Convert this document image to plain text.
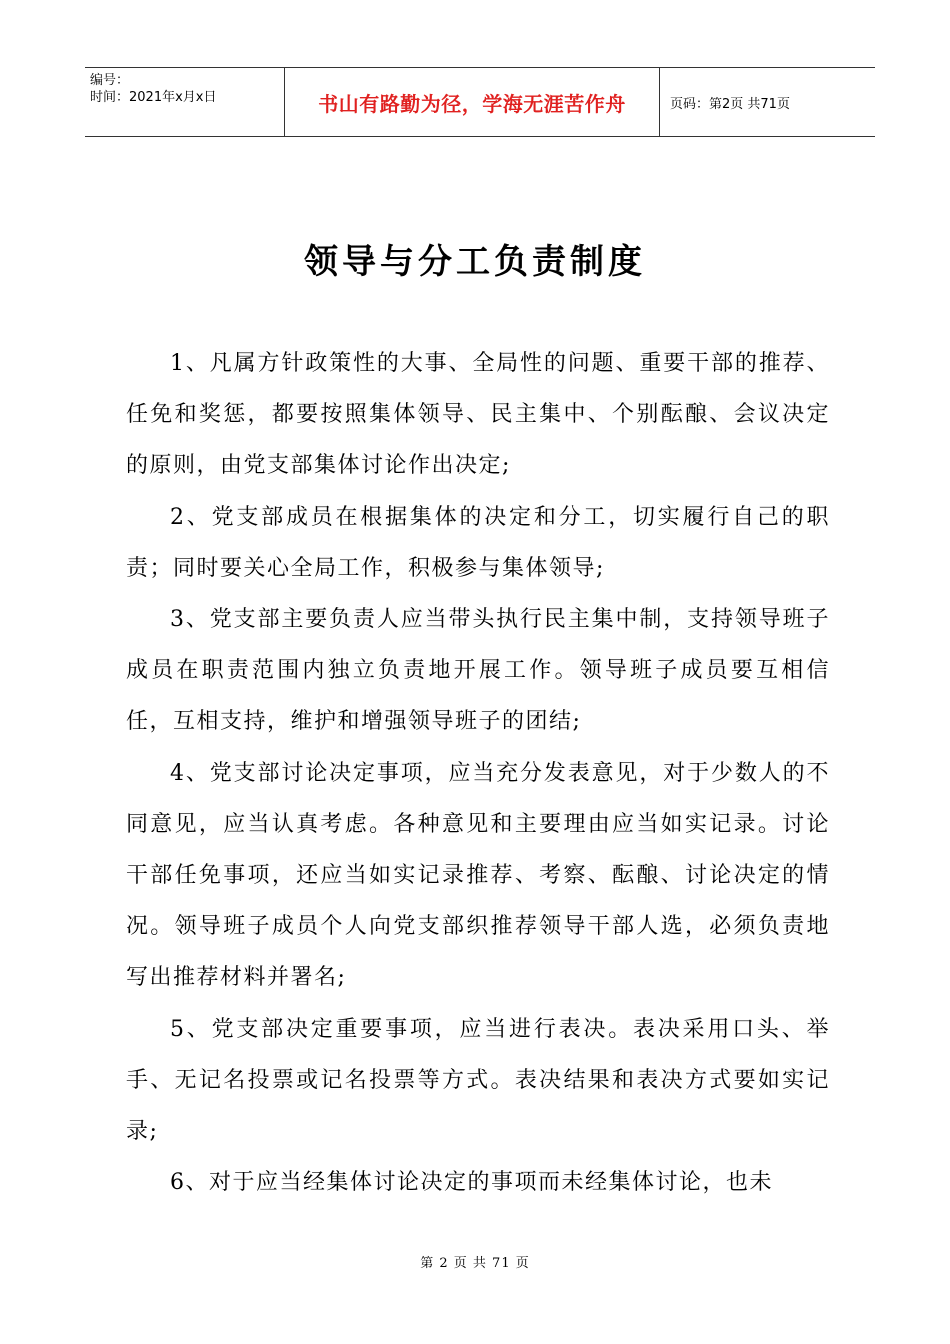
编号：
时间：2021年x月x日	书山有路勤为径，学海无涯苦作舟	页码：第2页 共71页
领导与分工负责制度

1、凡属方针政策性的大事、全局性的问题、重要干部的推荐、任免和奖惩，都要按照集体领导、民主集中、个别酝酿、会议决定的原则，由党支部集体讨论作出决定;

2、党支部成员在根据集体的决定和分工，切实履行自己的职责；同时要关心全局工作，积极参与集体领导;

3、党支部主要负责人应当带头执行民主集中制，支持领导班子成员在职责范围内独立负责地开展工作。领导班子成员要互相信任，互相支持，维护和增强领导班子的团结;

4、党支部讨论决定事项，应当充分发表意见，对于少数人的不同意见，应当认真考虑。各种意见和主要理由应当如实记录。讨论干部任免事项，还应当如实记录推荐、考察、酝酿、讨论决定的情况。领导班子成员个人向党支部织推荐领导干部人选，必须负责地写出推荐材料并署名;

5、党支部决定重要事项，应当进行表决。表决采用口头、举手、无记名投票或记名投票等方式。表决结果和表决方式要如实记录;

6、对于应当经集体讨论决定的事项而未经集体讨论，也未

第 2 页 共 71 页
